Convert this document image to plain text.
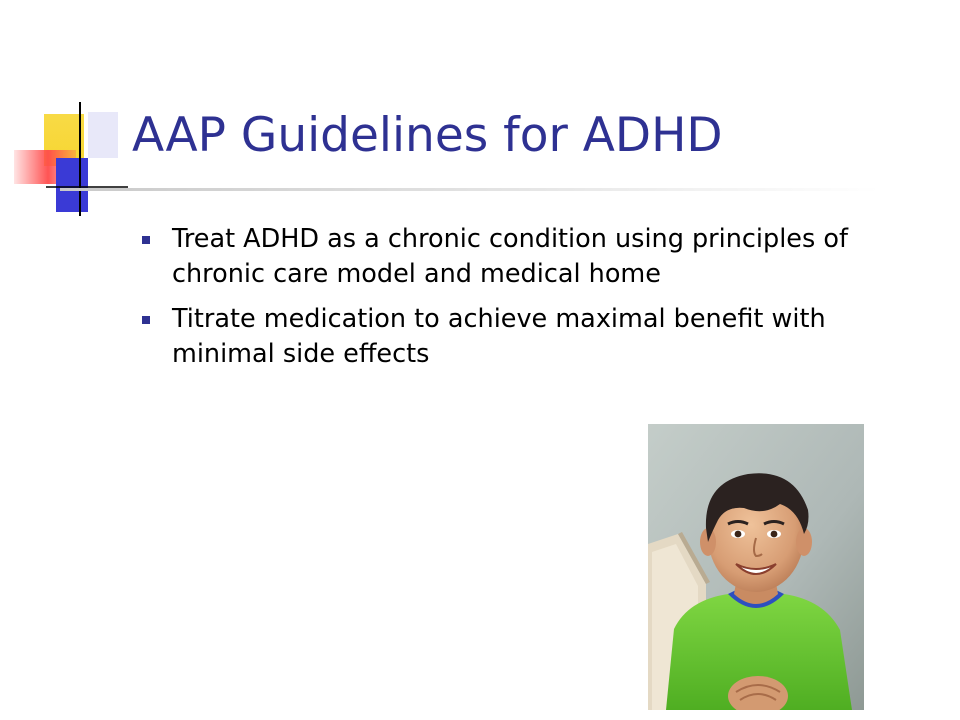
AAP Guidelines for ADHD
Treat ADHD as a chronic condition using principles of chronic care model and medical home
Titrate medication to achieve maximal benefit with minimal side effects
